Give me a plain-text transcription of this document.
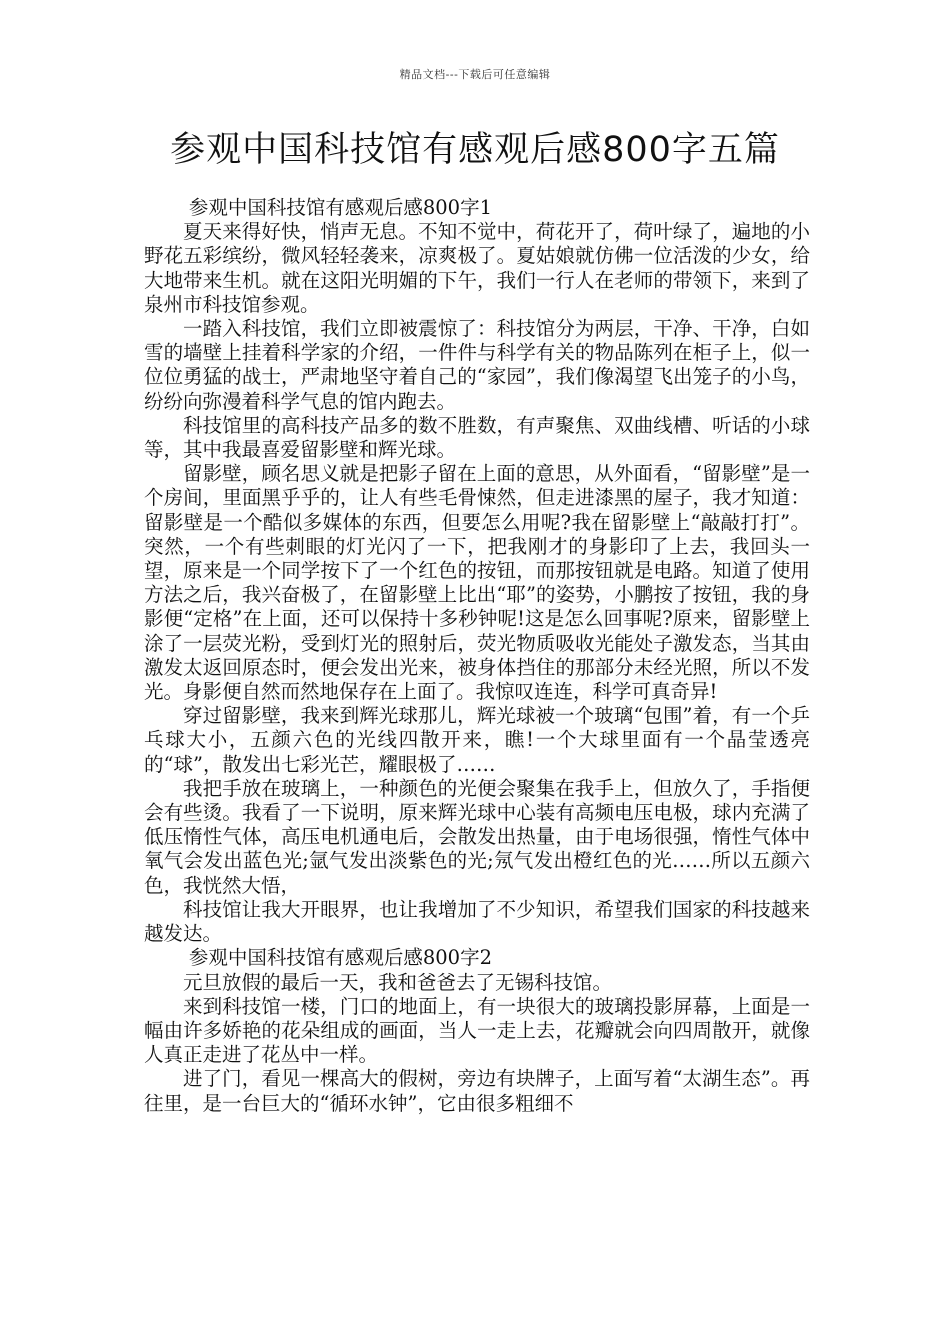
精品文档---下载后可任意编辑
参观中国科技馆有感观后感800字五篇

参观中国科技馆有感观后感800字1

夏天来得好快，悄声无息。不知不觉中，荷花开了，荷叶绿了，遍地的小野花五彩缤纷，微风轻轻袭来，凉爽极了。夏姑娘就仿佛一位活泼的少女，给大地带来生机。就在这阳光明媚的下午，我们一行人在老师的带领下，来到了泉州市科技馆参观。

一踏入科技馆，我们立即被震惊了：科技馆分为两层，干净、干净，白如雪的墙壁上挂着科学家的介绍，一件件与科学有关的物品陈列在柜子上，似一位位勇猛的战士，严肃地坚守着自己的“家园”，我们像渴望飞出笼子的小鸟，纷纷向弥漫着科学气息的馆内跑去。

科技馆里的高科技产品多的数不胜数，有声聚焦、双曲线槽、听话的小球等，其中我最喜爱留影壁和辉光球。

留影壁，顾名思义就是把影子留在上面的意思，从外面看，“留影壁”是一个房间，里面黑乎乎的，让人有些毛骨悚然，但走进漆黑的屋子，我才知道：留影壁是一个酷似多媒体的东西，但要怎么用呢?我在留影壁上“敲敲打打”。突然，一个有些刺眼的灯光闪了一下，把我刚才的身影印了上去，我回头一望，原来是一个同学按下了一个红色的按钮，而那按钮就是电路。知道了使用方法之后，我兴奋极了，在留影壁上比出“耶”的姿势，小鹏按了按钮，我的身影便“定格”在上面，还可以保持十多秒钟呢!这是怎么回事呢?原来，留影壁上涂了一层荧光粉，受到灯光的照射后，荧光物质吸收光能处子激发态，当其由激发太返回原态时，便会发出光来，被身体挡住的那部分未经光照，所以不发光。身影便自然而然地保存在上面了。我惊叹连连，科学可真奇异!

穿过留影壁，我来到辉光球那儿，辉光球被一个玻璃“包围”着，有一个乒乓球大小，五颜六色的光线四散开来，瞧!一个大球里面有一个晶莹透亮的“球”，散发出七彩光芒，耀眼极了……

我把手放在玻璃上，一种颜色的光便会聚集在我手上，但放久了，手指便会有些烫。我看了一下说明，原来辉光球中心装有高频电压电极，球内充满了低压惰性气体，高压电机通电后，会散发出热量，由于电场很强，惰性气体中氧气会发出蓝色光;氩气发出淡紫色的光;氖气发出橙红色的光……所以五颜六色，我恍然大悟，

科技馆让我大开眼界，也让我增加了不少知识，希望我们国家的科技越来越发达。

参观中国科技馆有感观后感800字2

元旦放假的最后一天，我和爸爸去了无锡科技馆。

来到科技馆一楼，门口的地面上，有一块很大的玻璃投影屏幕，上面是一幅由许多娇艳的花朵组成的画面，当人一走上去，花瓣就会向四周散开，就像人真正走进了花丛中一样。

进了门，看见一棵高大的假树，旁边有块牌子，上面写着“太湖生态”。再往里，是一台巨大的“循环水钟”，它由很多粗细不
